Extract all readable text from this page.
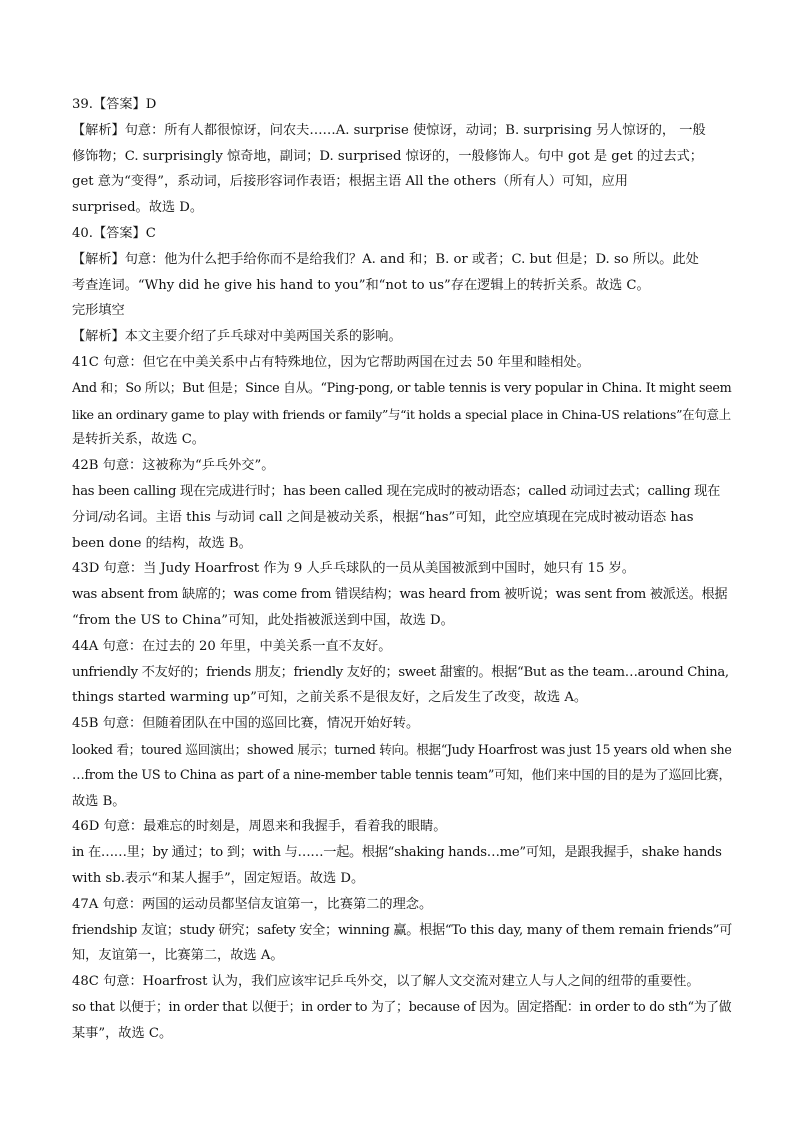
39.【答案】D
【解析】句意：所有人都很惊讶，问农夫……A. surprise 使惊讶，动词；B. surprising 另人惊讶的， 一般
修饰物；C. surprisingly 惊奇地，副词；D. surprised 惊讶的，一般修饰人。句中 got 是 get 的过去式；
get 意为“变得”，系动词，后接形容词作表语；根据主语 All the others（所有人）可知，应用
surprised。故选 D。
40.【答案】C
【解析】句意：他为什么把手给你而不是给我们？A. and 和；B. or 或者；C. but 但是；D. so 所以。此处
考查连词。“Why did he give his hand to you”和“not to us”存在逻辑上的转折关系。故选 C。
完形填空
【解析】本文主要介绍了乒乓球对中美两国关系的影响。
41C 句意：但它在中美关系中占有特殊地位，因为它帮助两国在过去 50 年里和睦相处。
And 和；So 所以；But 但是；Since 自从。“Ping-pong, or table tennis is very popular in China. It might seem
like an ordinary game to play with friends or family”与“it holds a special place in China-US relations”在句意上
是转折关系，故选 C。
42B 句意：这被称为“乒乓外交”。
has been calling 现在完成进行时；has been called 现在完成时的被动语态；called 动词过去式；calling 现在
分词/动名词。主语 this 与动词 call 之间是被动关系，根据“has”可知，此空应填现在完成时被动语态 has
been done 的结构，故选 B。
43D 句意：当 Judy Hoarfrost 作为 9 人乒乓球队的一员从美国被派到中国时，她只有 15 岁。
was absent from 缺席的；was come from 错误结构；was heard from 被听说；was sent from 被派送。根据
“from the US to China”可知，此处指被派送到中国，故选 D。
44A 句意：在过去的 20 年里，中美关系一直不友好。
unfriendly 不友好的；friends 朋友；friendly 友好的；sweet 甜蜜的。根据“But as the team…around China,
things started warming up”可知，之前关系不是很友好，之后发生了改变，故选 A。
45B 句意：但随着团队在中国的巡回比赛，情况开始好转。
looked 看；toured 巡回演出；showed 展示；turned 转向。根据“Judy Hoarfrost was just 15 years old when she
…from the US to China as part of a nine-member table tennis team”可知，他们来中国的目的是为了巡回比赛，
故选 B。
46D 句意：最难忘的时刻是，周恩来和我握手，看着我的眼睛。
in 在……里；by 通过；to 到；with 与……一起。根据“shaking hands…me”可知，是跟我握手，shake hands
with sb.表示“和某人握手”，固定短语。故选 D。
47A 句意：两国的运动员都坚信友谊第一，比赛第二的理念。
friendship 友谊；study 研究；safety 安全；winning 赢。根据“To this day, many of them remain friends”可
知，友谊第一，比赛第二，故选 A。
48C 句意：Hoarfrost 认为，我们应该牢记乒乓外交，以了解人文交流对建立人与人之间的纽带的重要性。
so that 以便于；in order that 以便于；in order to 为了；because of 因为。固定搭配：in order to do sth“为了做
某事”，故选 C。
